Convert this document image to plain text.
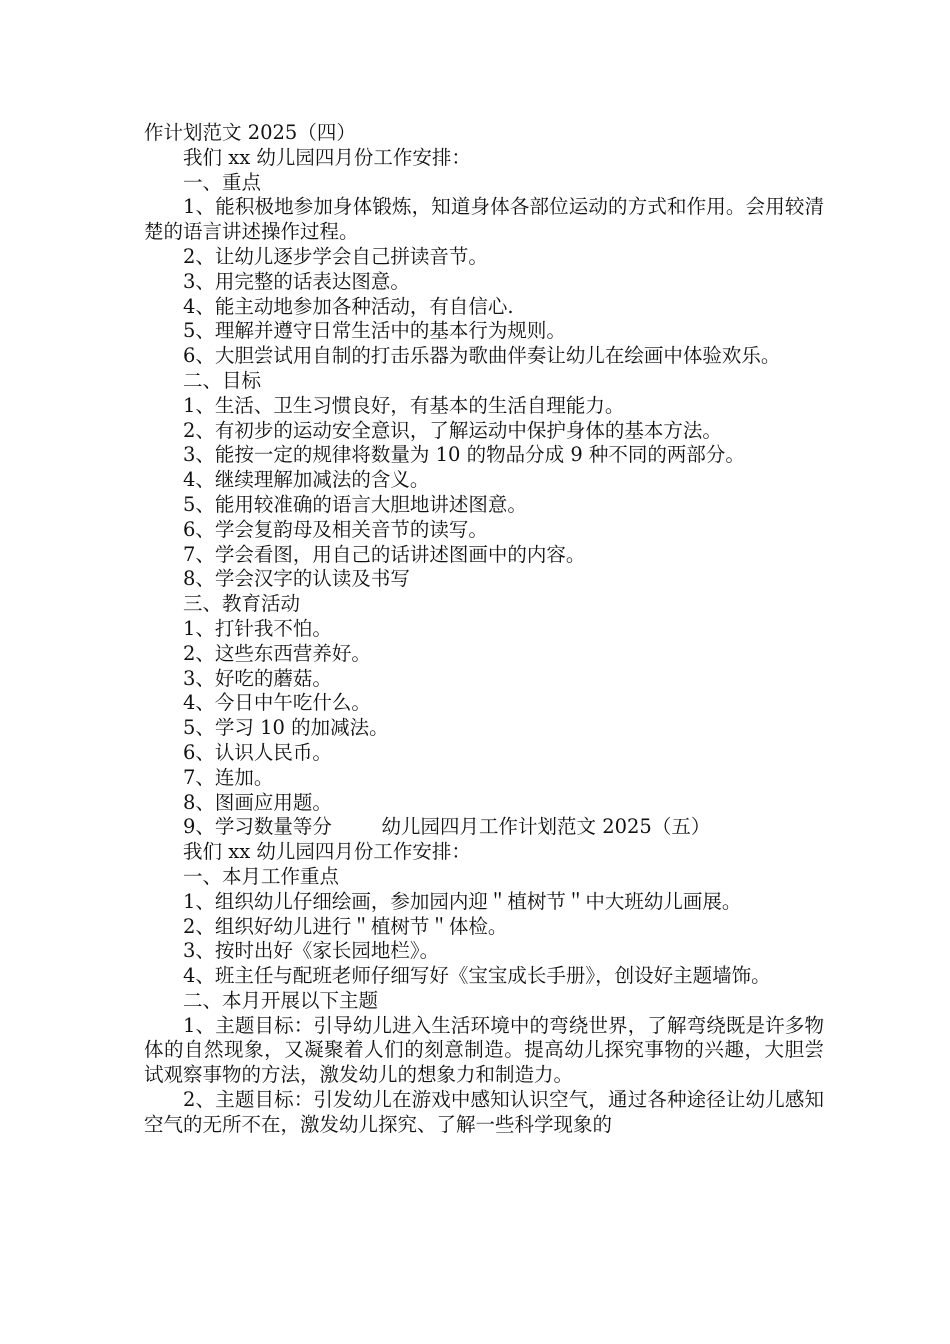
作计划范文 2025（四）

我们 xx 幼儿园四月份工作安排：

一、重点

1、能积极地参加身体锻炼，知道身体各部位运动的方式和作用。会用较清楚的语言讲述操作过程。

2、让幼儿逐步学会自己拼读音节。

3、用完整的话表达图意。

4、能主动地参加各种活动，有自信心.

5、理解并遵守日常生活中的基本行为规则。

6、大胆尝试用自制的打击乐器为歌曲伴奏让幼儿在绘画中体验欢乐。

二、目标

1、生活、卫生习惯良好，有基本的生活自理能力。

2、有初步的运动安全意识，了解运动中保护身体的基本方法。

3、能按一定的规律将数量为 10 的物品分成 9 种不同的两部分。

4、继续理解加减法的含义。

5、能用较准确的语言大胆地讲述图意。

6、学会复韵母及相关音节的读写。

7、学会看图，用自己的话讲述图画中的内容。

8、学会汉字的认读及书写

三、教育活动

1、打针我不怕。

2、这些东西营养好。

3、好吃的蘑菇。

4、今日中午吃什么。

5、学习 10 的加减法。

6、认识人民币。

7、连加。

8、图画应用题。

9、学习数量等分        幼儿园四月工作计划范文 2025（五）

我们 xx 幼儿园四月份工作安排：

一、本月工作重点

1、组织幼儿仔细绘画，参加园内迎＂植树节＂中大班幼儿画展。

2、组织好幼儿进行＂植树节＂体检。

3、按时出好《家长园地栏》。

4、班主任与配班老师仔细写好《宝宝成长手册》，创设好主题墙饰。

二、本月开展以下主题

1、主题目标：引导幼儿进入生活环境中的弯绕世界，了解弯绕既是许多物体的自然现象，又凝聚着人们的刻意制造。提高幼儿探究事物的兴趣，大胆尝试观察事物的方法，激发幼儿的想象力和制造力。

2、主题目标：引发幼儿在游戏中感知认识空气，通过各种途径让幼儿感知空气的无所不在，激发幼儿探究、了解一些科学现象的
